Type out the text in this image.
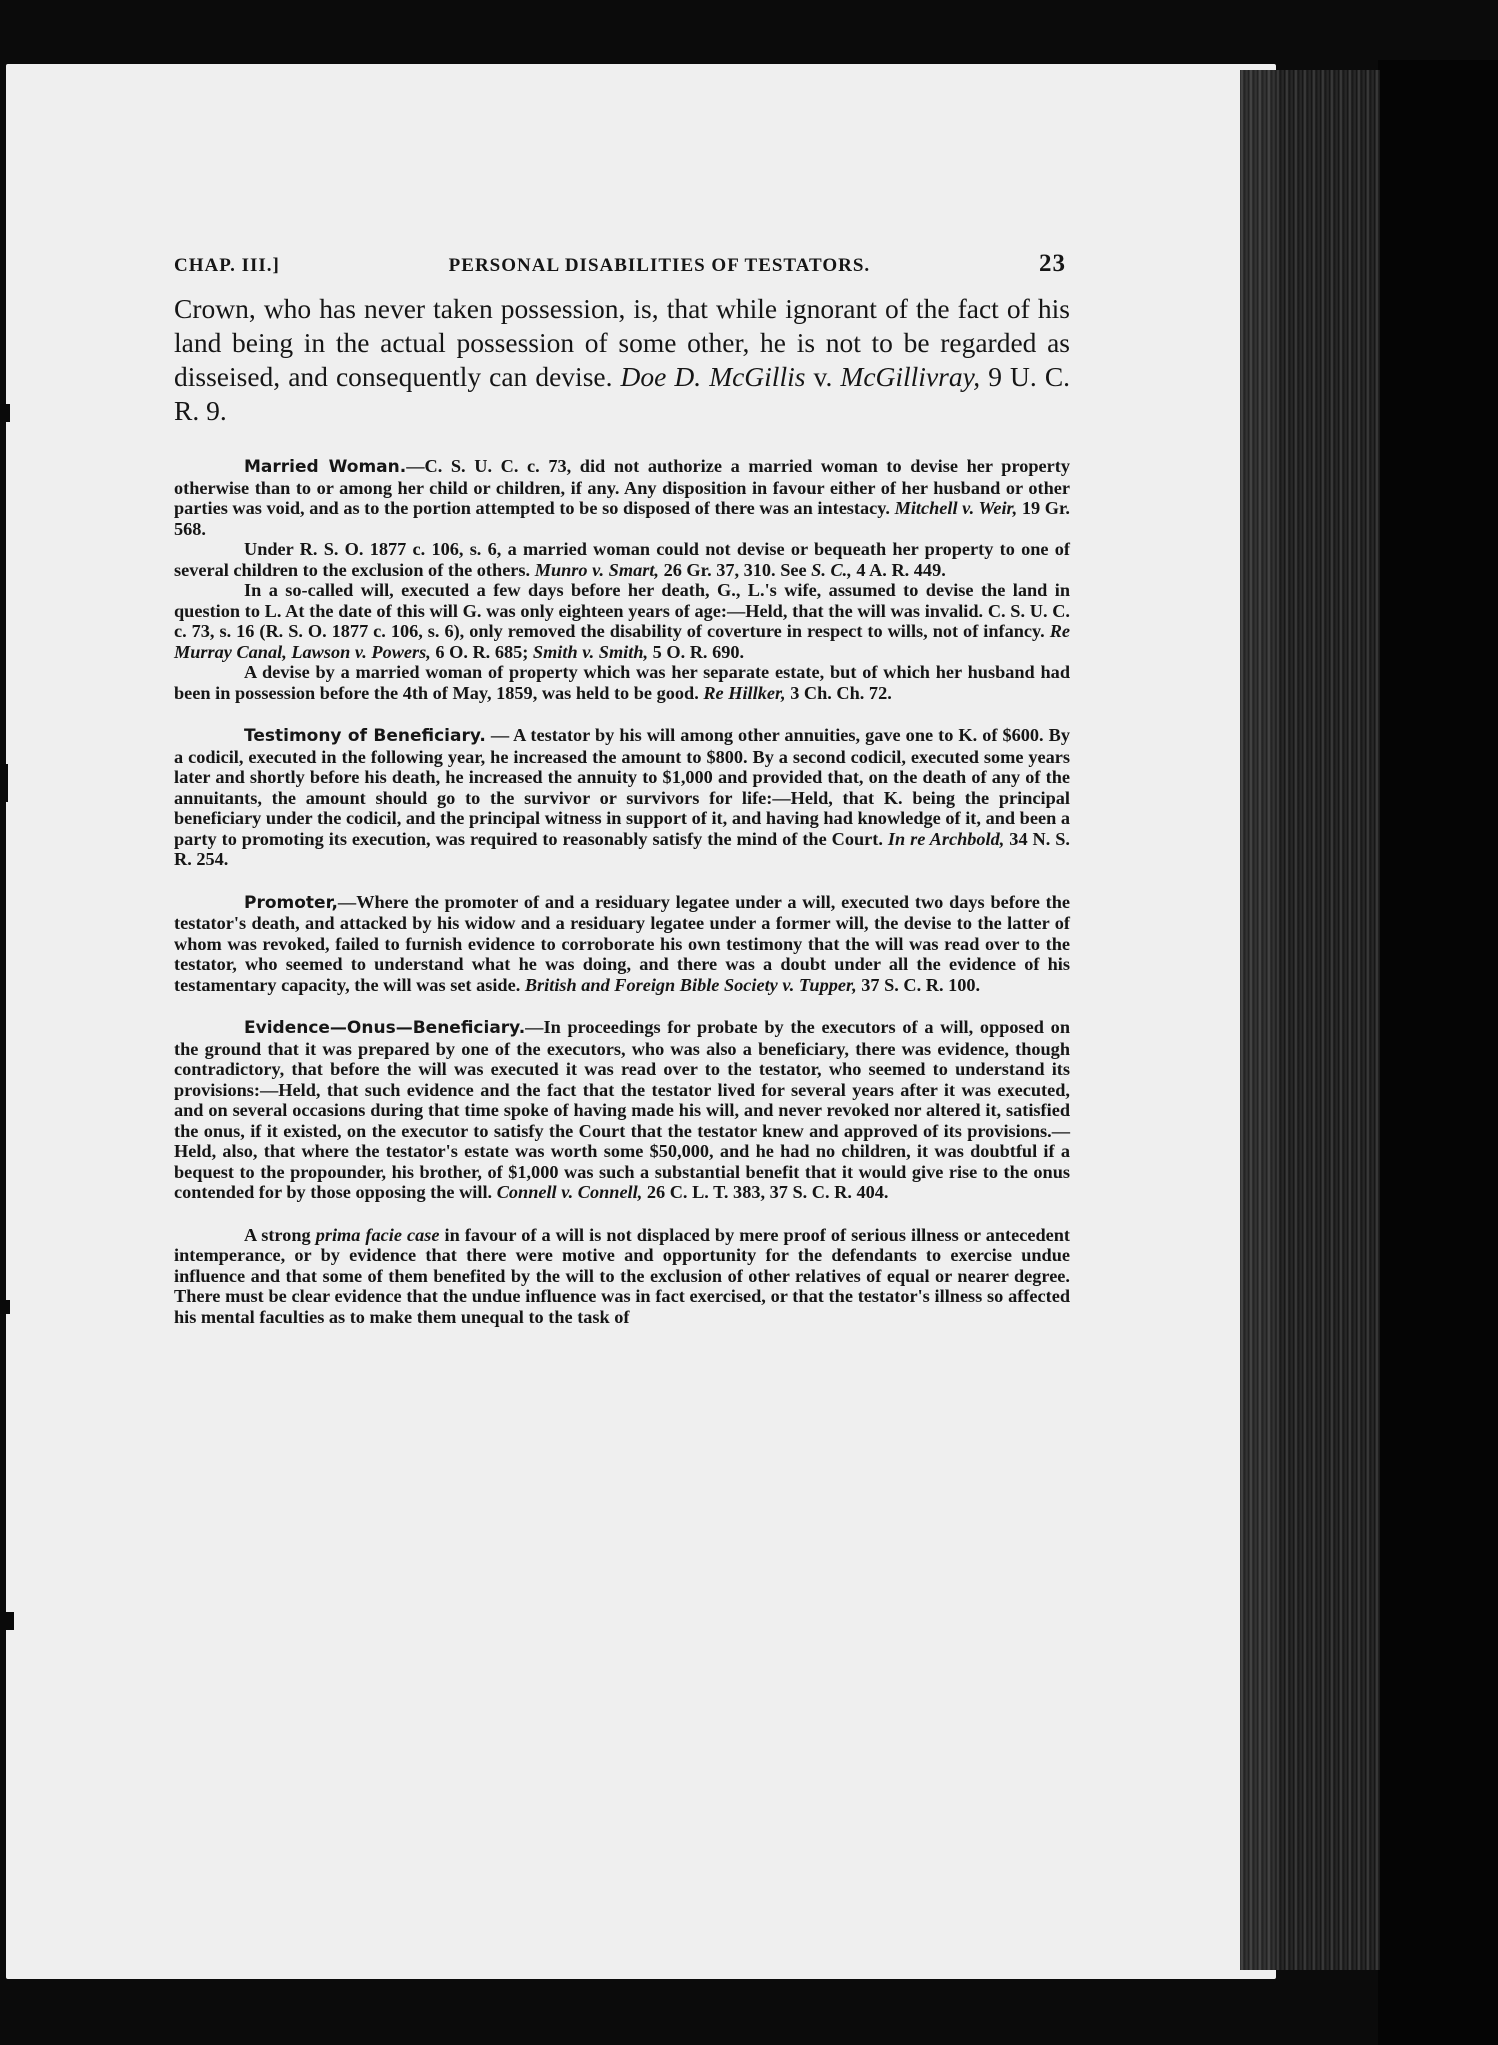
CHAP. III.]	PERSONAL DISABILITIES OF TESTATORS.	23

Crown, who has never taken possession, is, that while ignorant of the fact of his land being in the actual possession of some other, he is not to be regarded as disseised, and consequently can devise. Doe D. McGillis v. McGillivray, 9 U. C. R. 9.

Married Woman.—C. S. U. C. c. 73, did not authorize a married woman to devise her property otherwise than to or among her child or children, if any. Any disposition in favour either of her husband or other parties was void, and as to the portion attempted to be so disposed of there was an intestacy. Mitchell v. Weir, 19 Gr. 568.

Under R. S. O. 1877 c. 106, s. 6, a married woman could not devise or bequeath her property to one of several children to the exclusion of the others. Munro v. Smart, 26 Gr. 37, 310. See S. C., 4 A. R. 449.

In a so-called will, executed a few days before her death, G., L.'s wife, assumed to devise the land in question to L. At the date of this will G. was only eighteen years of age:—Held, that the will was invalid. C. S. U. C. c. 73, s. 16 (R. S. O. 1877 c. 106, s. 6), only removed the disability of coverture in respect to wills, not of infancy. Re Murray Canal, Lawson v. Powers, 6 O. R. 685; Smith v. Smith, 5 O. R. 690.

A devise by a married woman of property which was her separate estate, but of which her husband had been in possession before the 4th of May, 1859, was held to be good. Re Hillker, 3 Ch. Ch. 72.

Testimony of Beneficiary. — A testator by his will among other annuities, gave one to K. of $600. By a codicil, executed in the following year, he increased the amount to $800. By a second codicil, executed some years later and shortly before his death, he increased the annuity to $1,000 and provided that, on the death of any of the annuitants, the amount should go to the survivor or survivors for life:—Held, that K. being the principal beneficiary under the codicil, and the principal witness in support of it, and having had knowledge of it, and been a party to promoting its execution, was required to reasonably satisfy the mind of the Court. In re Archbold, 34 N. S. R. 254.

Promoter,—Where the promoter of and a residuary legatee under a will, executed two days before the testator's death, and attacked by his widow and a residuary legatee under a former will, the devise to the latter of whom was revoked, failed to furnish evidence to corroborate his own testimony that the will was read over to the testator, who seemed to understand what he was doing, and there was a doubt under all the evidence of his testamentary capacity, the will was set aside. British and Foreign Bible Society v. Tupper, 37 S. C. R. 100.

Evidence—Onus—Beneficiary.—In proceedings for probate by the executors of a will, opposed on the ground that it was prepared by one of the executors, who was also a beneficiary, there was evidence, though contradictory, that before the will was executed it was read over to the testator, who seemed to understand its provisions:—Held, that such evidence and the fact that the testator lived for several years after it was executed, and on several occasions during that time spoke of having made his will, and never revoked nor altered it, satisfied the onus, if it existed, on the executor to satisfy the Court that the testator knew and approved of its provisions.—Held, also, that where the testator's estate was worth some $50,000, and he had no children, it was doubtful if a bequest to the propounder, his brother, of $1,000 was such a substantial benefit that it would give rise to the onus contended for by those opposing the will. Connell v. Connell, 26 C. L. T. 383, 37 S. C. R. 404.

A strong prima facie case in favour of a will is not displaced by mere proof of serious illness or antecedent intemperance, or by evidence that there were motive and opportunity for the defendants to exercise undue influence and that some of them benefited by the will to the exclusion of other relatives of equal or nearer degree. There must be clear evidence that the undue influence was in fact exercised, or that the testator's illness so affected his mental faculties as to make them unequal to the task of
